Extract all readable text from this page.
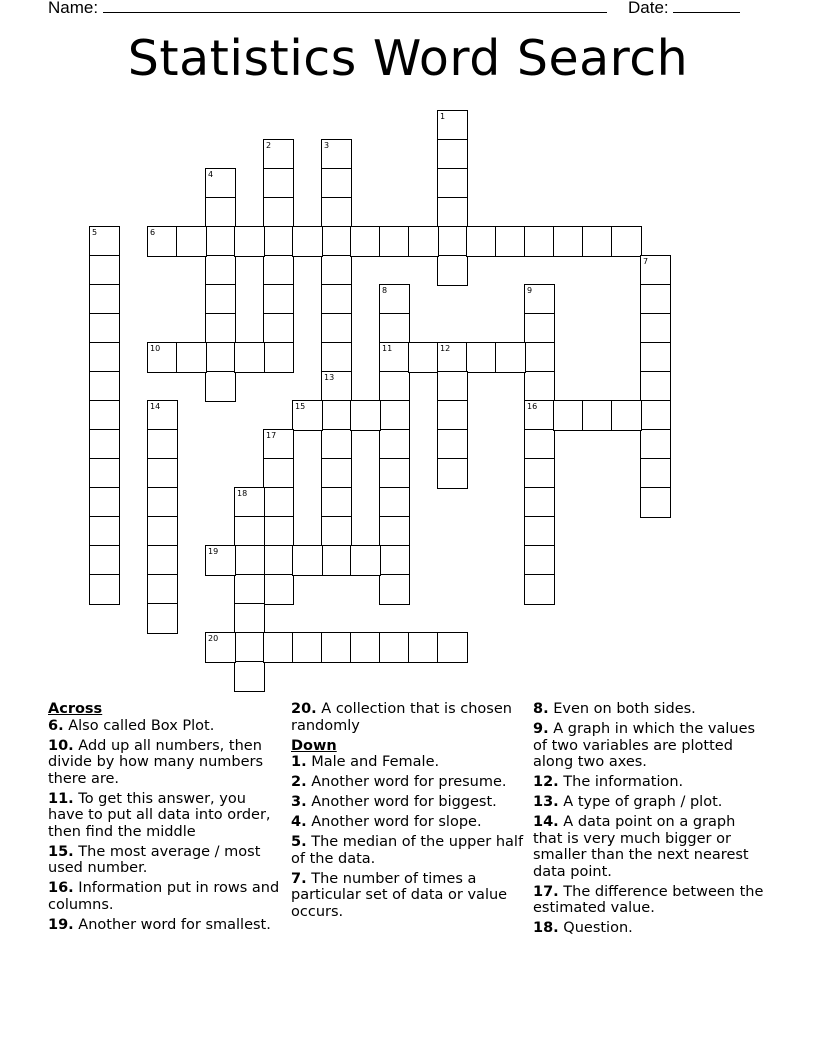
Name:	Date:
Statistics Word Search
1
2	3
4
5	6
7
8	9
10	11	12
13
14	15	16
17
18
19
20
Across
6. Also called Box Plot.
10. Add up all numbers, then divide by how many numbers there are.
11. To get this answer, you have to put all data into order, then find the middle
15. The most average / most used number.
16. Information put in rows and columns.
19. Another word for smallest.
20. A collection that is chosen randomly
Down
1. Male and Female.
2. Another word for presume.
3. Another word for biggest.
4. Another word for slope.
5. The median of the upper half of the data.
7. The number of times a particular set of data or value occurs.
8. Even on both sides.
9. A graph in which the values of two variables are plotted along two axes.
12. The information.
13. A type of graph / plot.
14. A data point on a graph that is very much bigger or smaller than the next nearest data point.
17. The difference between the estimated value.
18. Question.
